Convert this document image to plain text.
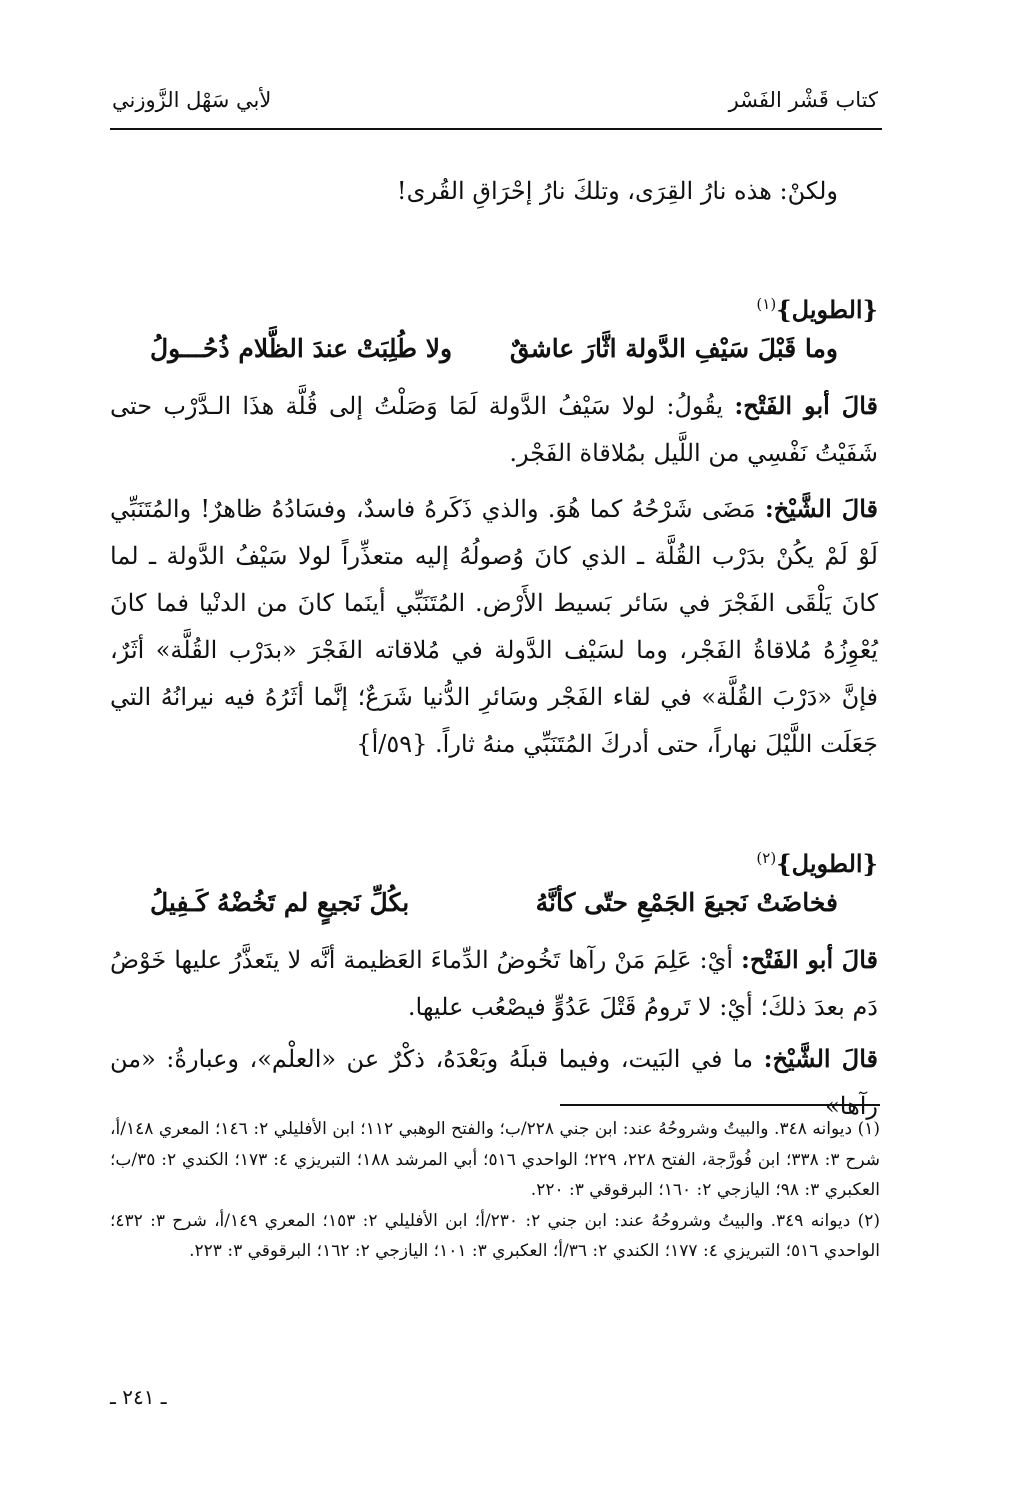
كتاب قَشْر الفَسْر
لأبي سَهْل الزَّوزني

ولكنْ: هذه نارُ القِرَى، وتلكَ نارُ إحْرَاقِ القُرى!

{الطويل}$^{(١)}$

وما قَبْلَ سَيْفِ الدَّولة اثَّارَ عاشقٌ
ولا طُلِبَتْ عندَ الظَّلام ذُحُـــولُ

قالَ أبو الفَتْح: يقُولُ: لولا سَيْفُ الدَّولة لَمَا وَصَلْتُ إلى قُلَّة هذَا الـدَّرْب حتى شَفَيْتُ نَفْسِي من اللَّيل بمُلاقاة الفَجْر.

قالَ الشَّيْخ: مَضَى شَرْحُهُ كما هُوَ. والذي ذَكَرهُ فاسدٌ، وفسَادُهُ ظاهرٌ! والمُتَنَبِّي لَوْ لَمْ يكُنْ بدَرْب القُلَّة ـ الذي كانَ وُصولُهُ إليه متعذِّراً لولا سَيْفُ الدَّولة ـ لما كانَ يَلْقَى الفَجْرَ في سَائر بَسيط الأَرْض. المُتَنَبِّي أينَما كانَ من الدنْيا فما كانَ يُعْوِزُهُ مُلاقاةُ الفَجْر، وما لسَيْف الدَّولة في مُلاقاته الفَجْرَ «بدَرْب القُلَّة» أثَرٌ، فإنَّ «دَرْبَ القُلَّة» في لقاء الفَجْر وسَائرِ الدُّنيا شَرَعٌ؛ إنَّما أثَرُهُ فيه نيرانُهُ التي جَعَلَت اللَّيْلَ نهاراً، حتى أدركَ المُتَنَبِّي منهُ ثاراً. {٥٩/أ}

{الطويل}$^{(٢)}$

فخاضَتْ نَجيعَ الجَمْعِ حتّى كأنَّهُ
بكُلِّ نَجيعٍ لم تَخُضْهُ كَـفِيلُ

قالَ أبو الفَتْح: أيْ: عَلِمَ مَنْ رآها تَخُوضُ الدِّماءَ العَظيمة أنَّه لا يتَعذَّرُ عليها خَوْضُ دَم بعدَ ذلكَ؛ أيْ: لا تَرومُ قَتْلَ عَدُوٍّ فيصْعُب عليها.

قالَ الشَّيْخ: ما في البَيت، وفيما قبلَهُ وبَعْدَهُ، ذكْرٌ عن «العلْم»، وعبارةُ: «من رآها»

(١) ديوانه ٣٤٨. والبيتُ وشروحُهُ عند: ابن جني ٢٢٨/ب؛ والفتح الوهبي ١١٢؛ ابن الأفليلي ٢: ١٤٦؛ المعري ١٤٨/أ، شرح ٣: ٣٣٨؛ ابن فُورَّجة، الفتح ٢٢٨، ٢٢٩؛ الواحدي ٥١٦؛ أبي المرشد ١٨٨؛ التبريزي ٤: ١٧٣؛ الكندي ٢: ٣٥/ب؛ العكبري ٣: ٩٨؛ اليازجي ٢: ١٦٠؛ البرقوقي ٣: ٢٢٠.

(٢) ديوانه ٣٤٩. والبيتُ وشروحُهُ عند: ابن جني ٢: ٢٣٠/أ؛ ابن الأفليلي ٢: ١٥٣؛ المعري ١٤٩/أ، شرح ٣: ٤٣٢؛ الواحدي ٥١٦؛ التبريزي ٤: ١٧٧؛ الكندي ٢: ٣٦/أ؛ العكبري ٣: ١٠١؛ اليازجي ٢: ١٦٢؛ البرقوقي ٣: ٢٢٣.

ـ ٢٤١ ـ
